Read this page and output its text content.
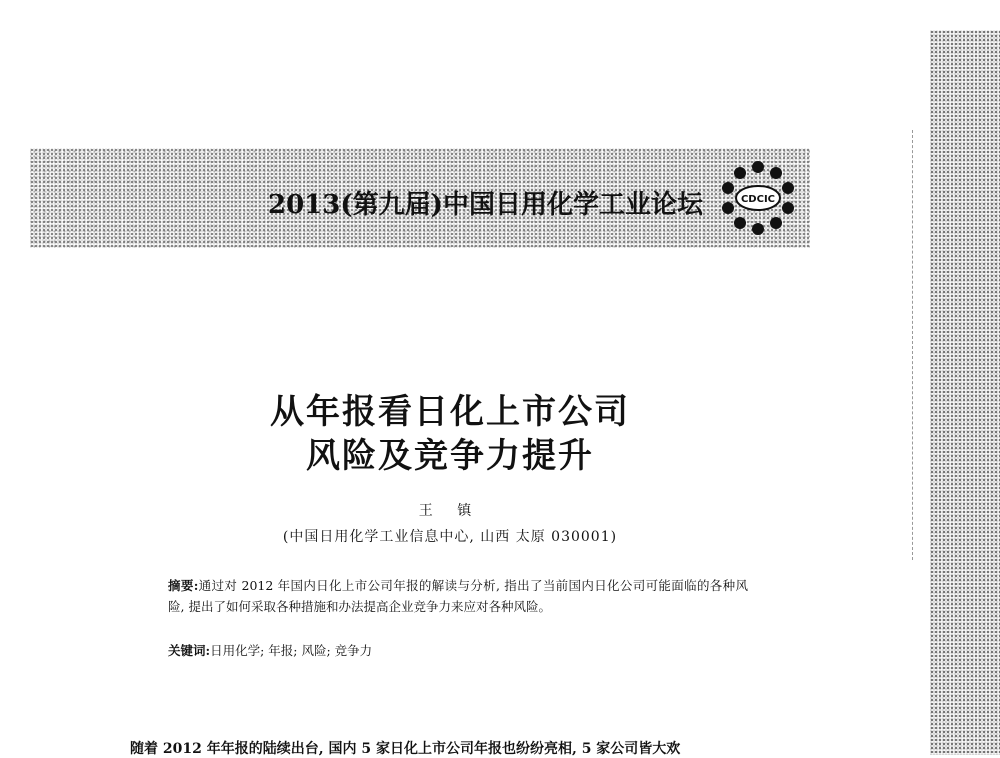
2013(第九届)中国日用化学工业论坛	CDCIC
从年报看日化上市公司
风险及竞争力提升
王 镇
(中国日用化学工业信息中心, 山西 太原 030001)
摘要:通过对 2012 年国内日化上市公司年报的解读与分析, 指出了当前国内日化公司可能面临的各种风险, 提出了如何采取各种措施和办法提高企业竞争力来应对各种风险。
关键词:日用化学; 年报; 风险; 竞争力
随着 2012 年年报的陆续出台, 国内 5 家日化上市公司年报也纷纷亮相, 5 家公司皆大欢
